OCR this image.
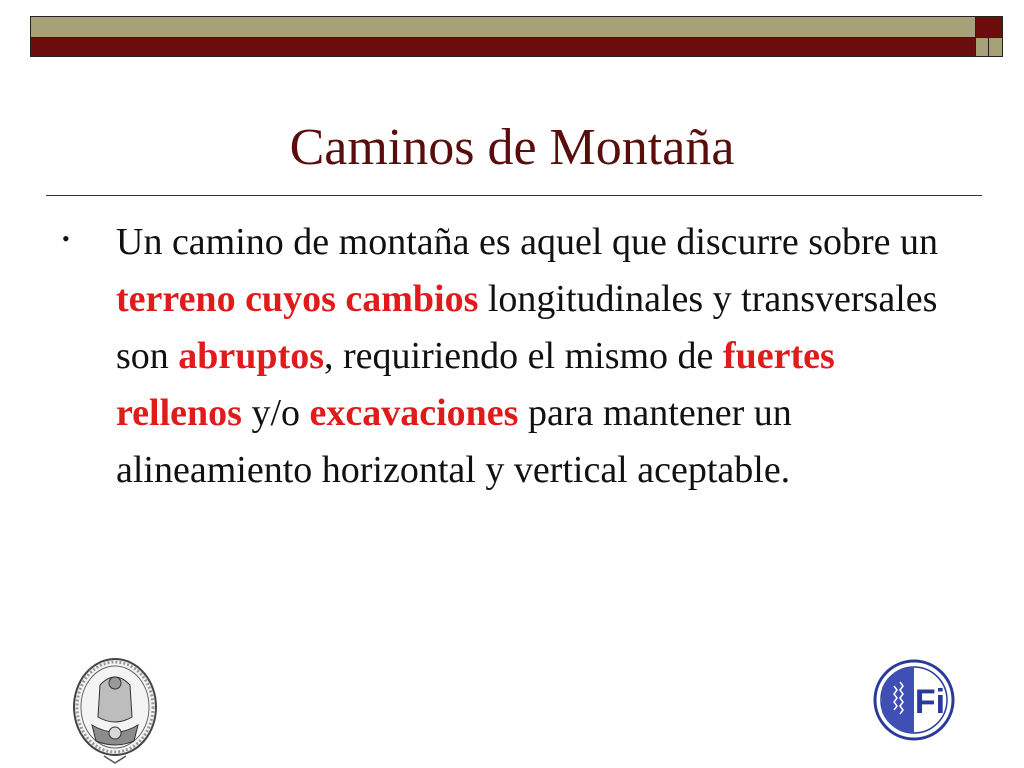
Caminos de Montaña
• Un camino de montaña es aquel que discurre sobre un terreno cuyos cambios longitudinales y transversales son abruptos, requiriendo el mismo de fuertes rellenos y/o excavaciones para mantener un alineamiento horizontal y vertical aceptable.

Fi
